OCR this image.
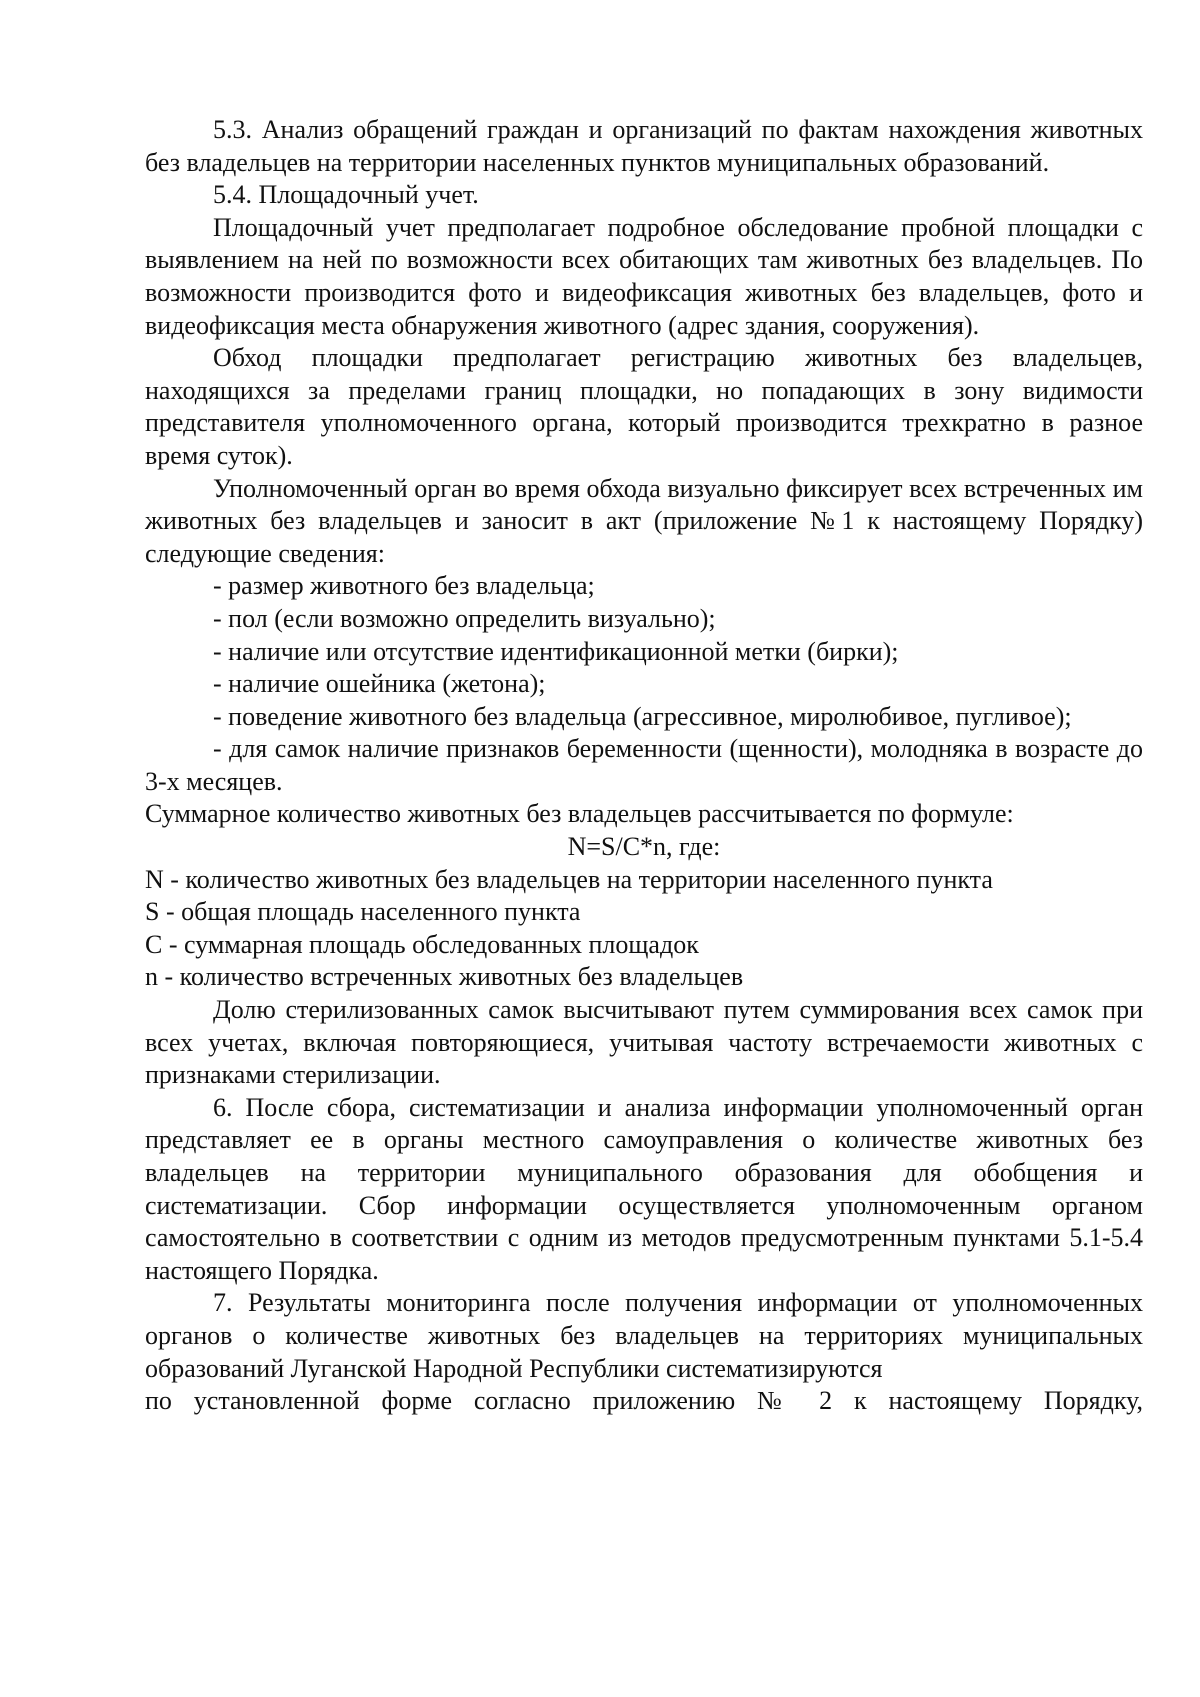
5.3. Анализ обращений граждан и организаций по фактам нахождения животных без владельцев на территории населенных пунктов муниципальных образований.

5.4. Площадочный учет.

Площадочный учет предполагает подробное обследование пробной площадки с выявлением на ней по возможности всех обитающих там животных без владельцев. По возможности производится фото и видеофиксация животных без владельцев, фото и видеофиксация места обнаружения животного (адрес здания, сооружения).

Обход площадки предполагает регистрацию животных без владельцев, находящихся за пределами границ площадки, но попадающих в зону видимости представителя уполномоченного органа, который производится трехкратно в разное время суток).

Уполномоченный орган во время обхода визуально фиксирует всех встреченных им животных без владельцев и заносит в акт (приложение №1 к настоящему Порядку) следующие сведения:

- размер животного без владельца;

- пол (если возможно определить визуально);

- наличие или отсутствие идентификационной метки (бирки);

- наличие ошейника (жетона);

- поведение животного без владельца (агрессивное, миролюбивое, пугливое);

- для самок наличие признаков беременности (щенности), молодняка в возрасте до 3-х месяцев.

Суммарное количество животных без владельцев рассчитывается по формуле:

N=S/C*n, где:

N - количество животных без владельцев на территории населенного пункта

S - общая площадь населенного пункта

С - суммарная площадь обследованных площадок

n - количество встреченных животных без владельцев

Долю стерилизованных самок высчитывают путем суммирования всех самок при всех учетах, включая повторяющиеся, учитывая частоту встречаемости животных с признаками стерилизации.

6. После сбора, систематизации и анализа информации уполномоченный орган представляет ее в органы местного самоуправления о количестве животных без владельцев на территории муниципального образования для обобщения и систематизации. Сбор информации осуществляется уполномоченным органом самостоятельно в соответствии с одним из методов предусмотренным пунктами 5.1-5.4 настоящего Порядка.

7. Результаты мониторинга после получения информации от уполномоченных органов о количестве животных без владельцев на территориях муниципальных образований Луганской Народной Республики систематизируются

по установленной форме согласно приложению № 2 к настоящему Порядку,
